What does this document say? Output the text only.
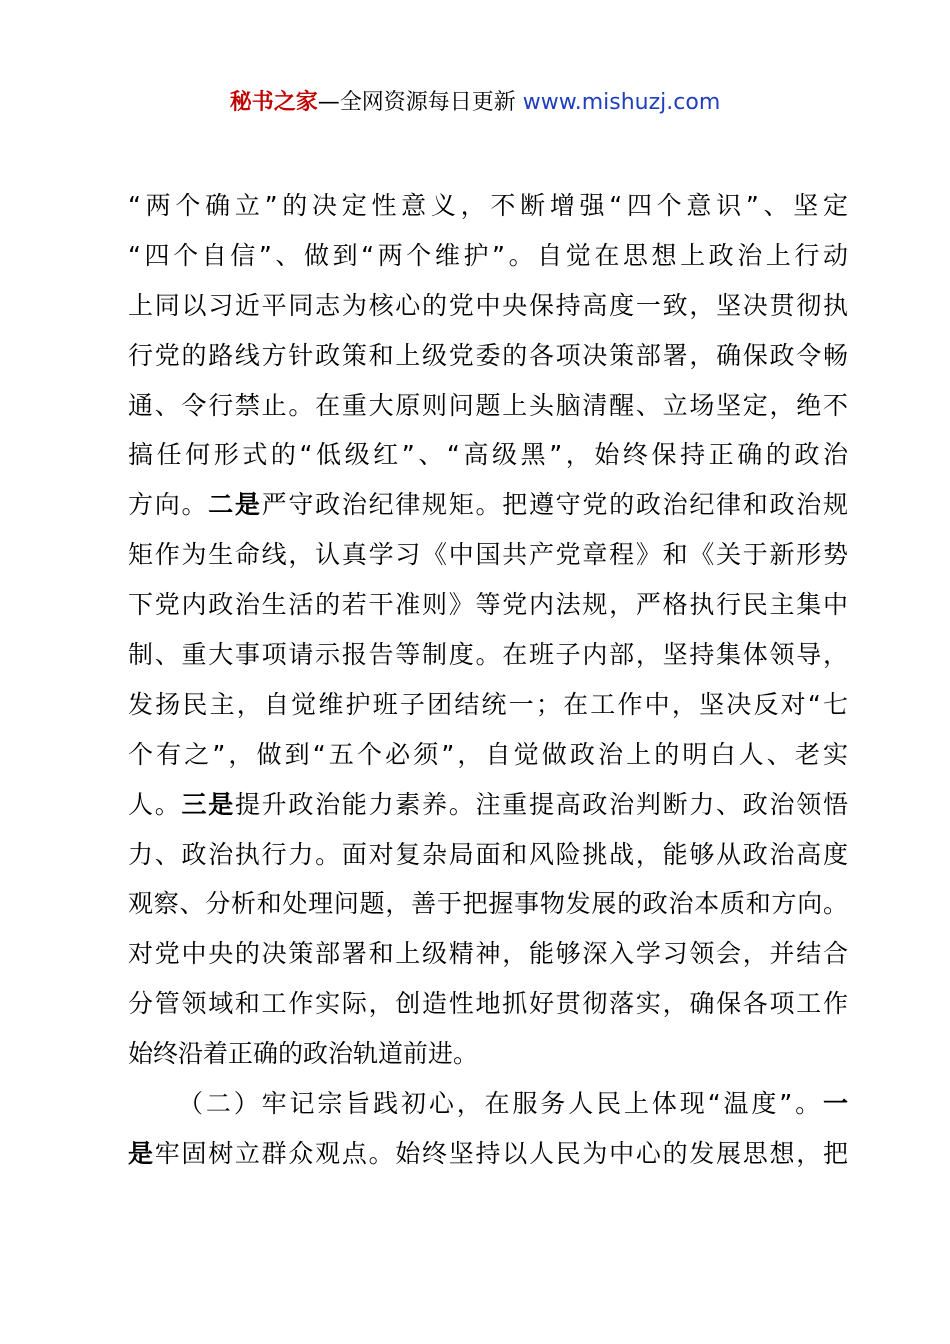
秘书之家—全网资源每日更新 www.mishuzj.com
“两个确立”的决定性意义，不断增强“四个意识”、坚定
“四个自信”、做到“两个维护”。自觉在思想上政治上行动
上同以习近平同志为核心的党中央保持高度一致，坚决贯彻执
行党的路线方针政策和上级党委的各项决策部署，确保政令畅
通、令行禁止。在重大原则问题上头脑清醒、立场坚定，绝不
搞任何形式的“低级红”、“高级黑”，始终保持正确的政治
方向。二是严守政治纪律规矩。把遵守党的政治纪律和政治规
矩作为生命线，认真学习《中国共产党章程》和《关于新形势
下党内政治生活的若干准则》等党内法规，严格执行民主集中
制、重大事项请示报告等制度。在班子内部，坚持集体领导，
发扬民主，自觉维护班子团结统一；在工作中，坚决反对“七
个有之”，做到“五个必须”，自觉做政治上的明白人、老实
人。三是提升政治能力素养。注重提高政治判断力、政治领悟
力、政治执行力。面对复杂局面和风险挑战，能够从政治高度
观察、分析和处理问题，善于把握事物发展的政治本质和方向。
对党中央的决策部署和上级精神，能够深入学习领会，并结合
分管领域和工作实际，创造性地抓好贯彻落实，确保各项工作
始终沿着正确的政治轨道前进。
（二）牢记宗旨践初心，在服务人民上体现“温度”。一
是牢固树立群众观点。始终坚持以人民为中心的发展思想，把
